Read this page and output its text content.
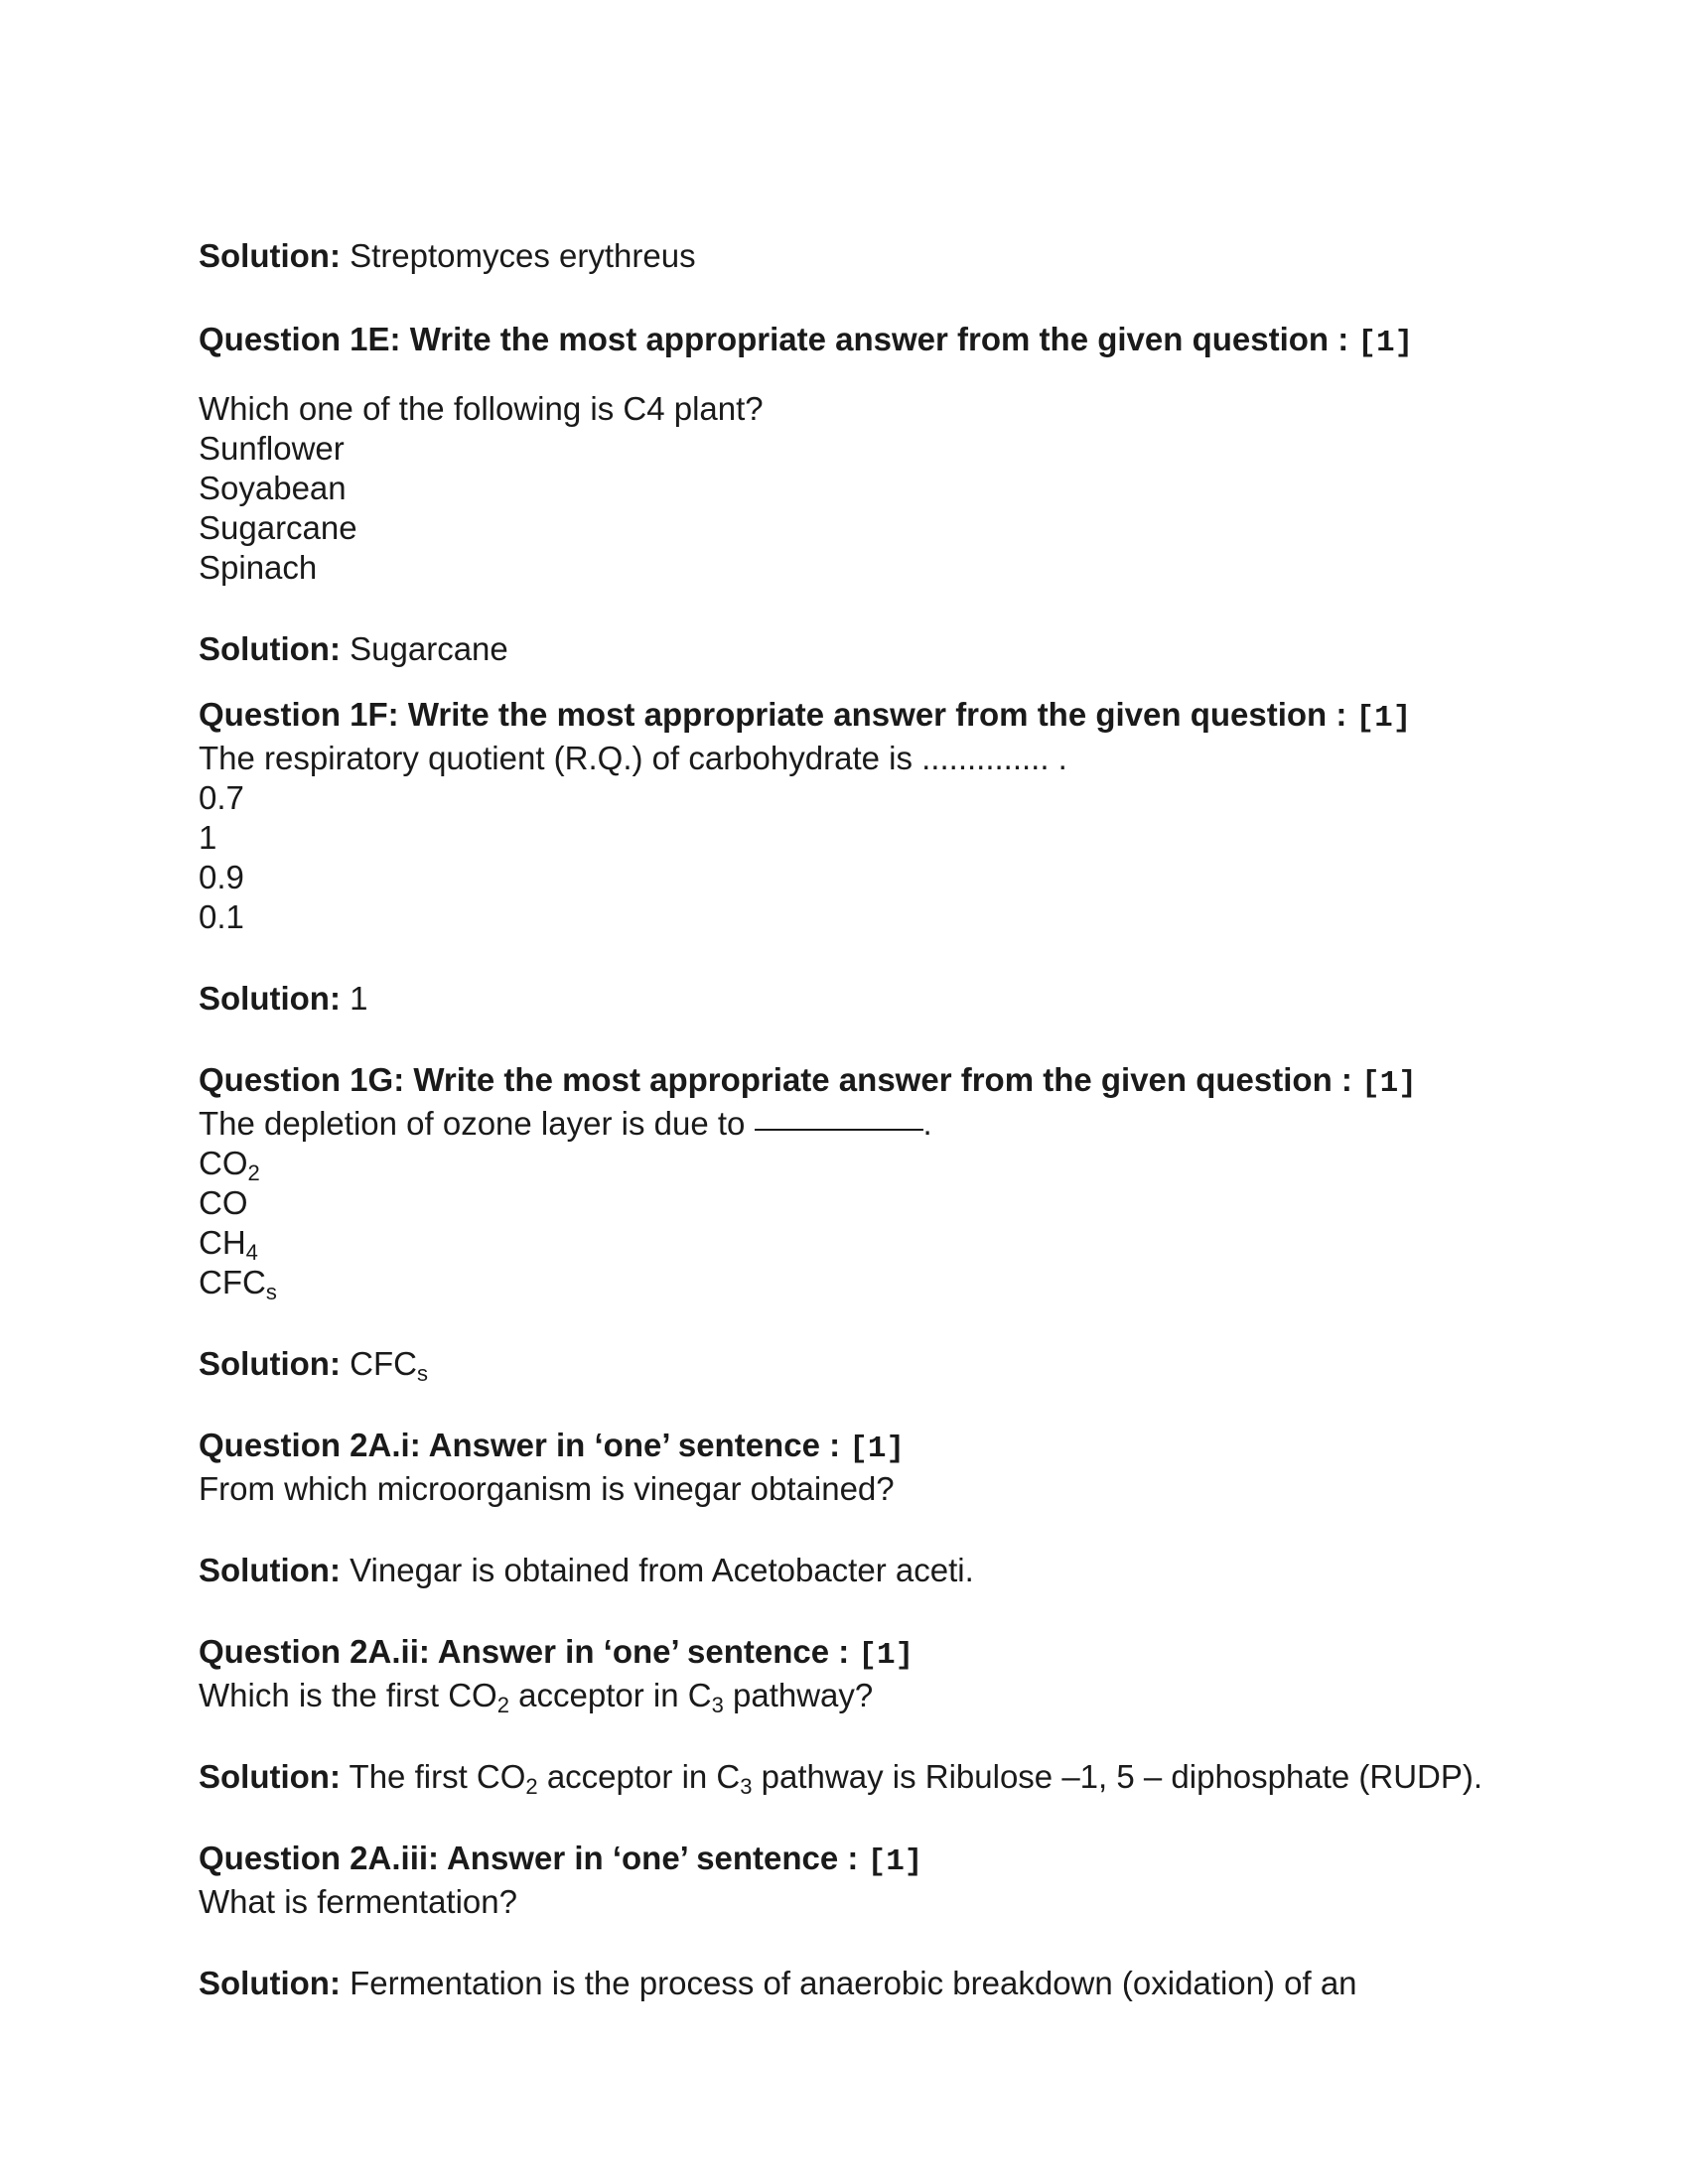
Solution: Streptomyces erythreus
Question 1E: Write the most appropriate answer from the given question : [1]
Which one of the following is C4 plant?
Sunflower
Soyabean
Sugarcane
Spinach
Solution: Sugarcane
Question 1F: Write the most appropriate answer from the given question : [1]
The respiratory quotient (R.Q.) of carbohydrate is .............. .
0.7
1
0.9
0.1
Solution: 1
Question 1G: Write the most appropriate answer from the given question : [1]
The depletion of ozone layer is due to	.
$CO_2$
CO
$CH_4$
$CFC_s$
Solution: $CFC_s$
Question 2A.i: Answer in ‘one’ sentence : [1]
From which microorganism is vinegar obtained?
Solution: Vinegar is obtained from Acetobacter aceti.
Question 2A.ii: Answer in ‘one’ sentence : [1]
Which is the first $CO_2$ acceptor in $C_3$ pathway?
Solution: The first $CO_2$ acceptor in $C_3$ pathway is Ribulose –1, 5 – diphosphate (RUDP).
Question 2A.iii: Answer in ‘one’ sentence : [1]
What is fermentation?
Solution: Fermentation is the process of anaerobic breakdown (oxidation) of an
